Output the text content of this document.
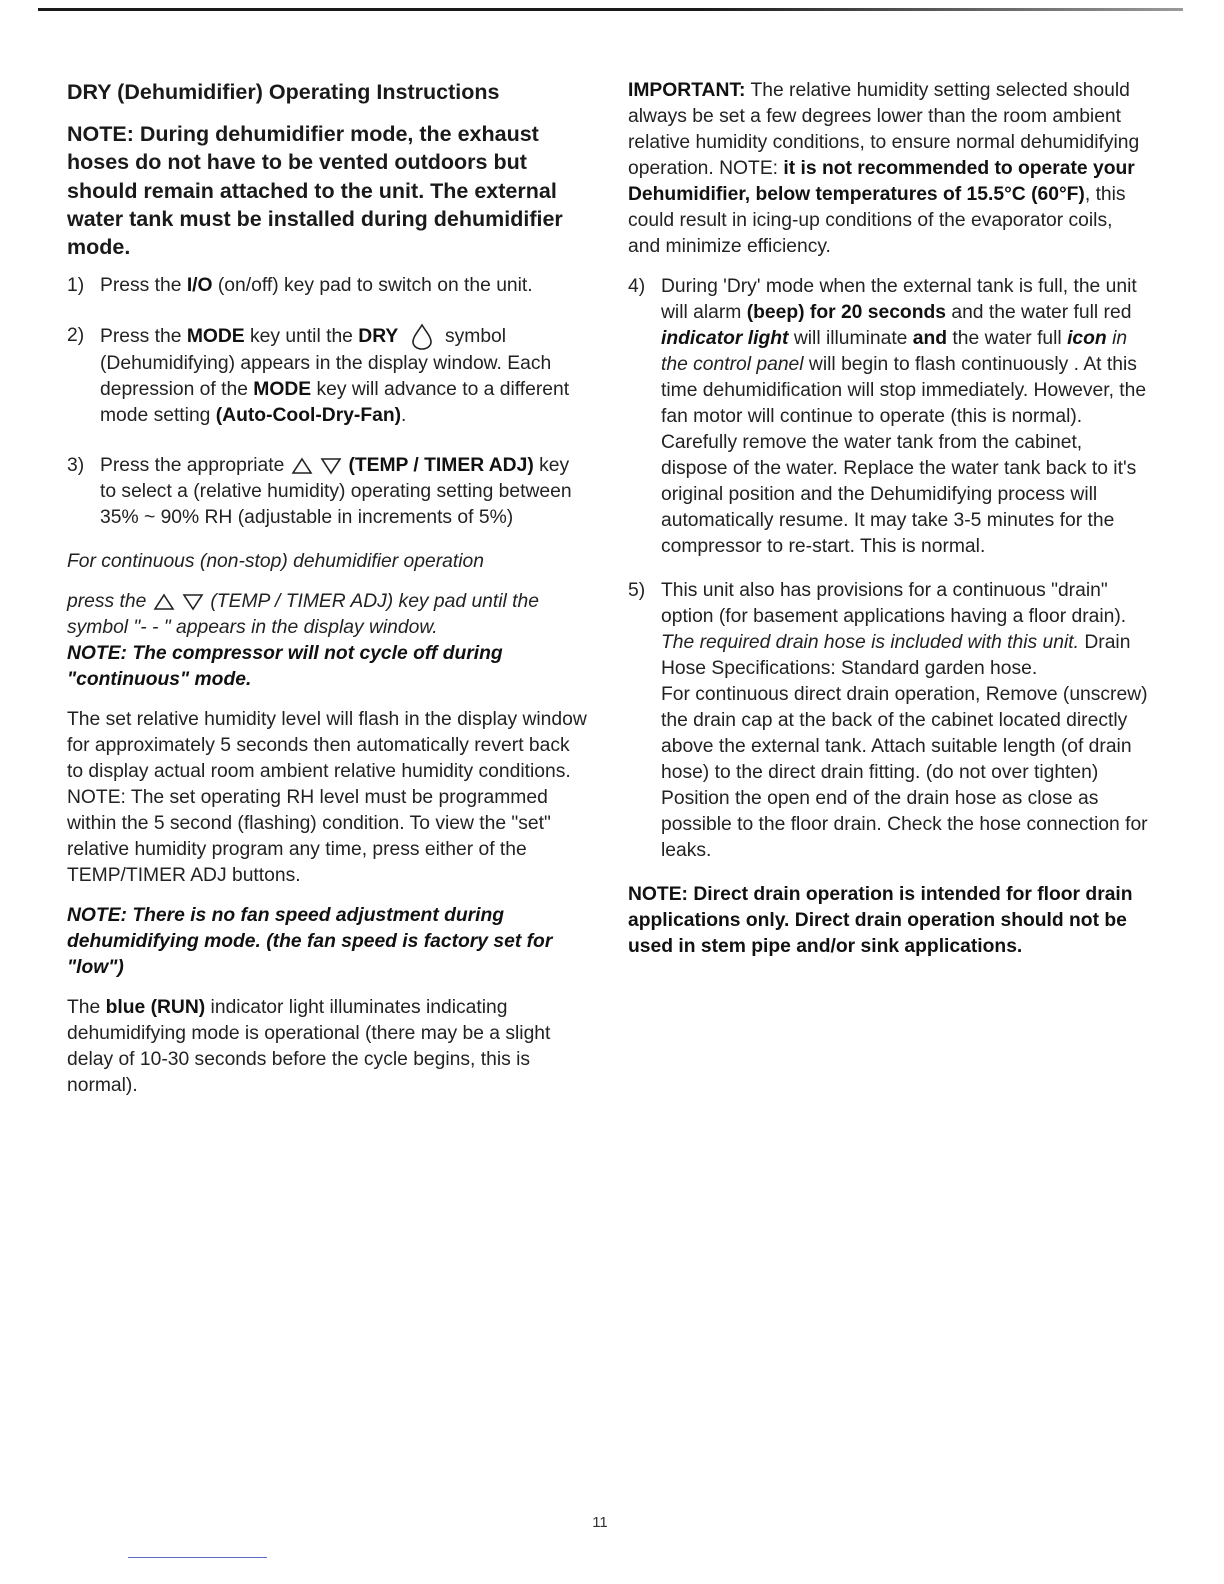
DRY (Dehumidifier) Operating Instructions
NOTE: During dehumidifier mode, the exhaust hoses do not have to be vented outdoors but should remain attached to the unit. The external water tank must be installed during dehumidifier mode.
1) Press the I/O (on/off) key pad to switch on the unit.
2) Press the MODE key until the DRY  symbol (Dehumidifying) appears in the display window. Each depression of the MODE key will advance to a different mode setting (Auto-Cool-Dry-Fan).
3) Press the appropriate	(TEMP / TIMER ADJ) key to select a (relative humidity) operating setting between 35% ~ 90% RH (adjustable in increments of 5%)

For continuous (non-stop) dehumidifier operation

press the	(TEMP / TIMER ADJ) key pad until the symbol "- - " appears in the display window.

NOTE: The compressor will not cycle off during "continuous" mode.

The set relative humidity level will flash in the display window for approximately 5 seconds then automatically revert back to display actual room ambient relative humidity conditions. NOTE: The set operating RH level must be programmed within the 5 second (flashing) condition. To view the "set" relative humidity program any time, press either of the TEMP/TIMER ADJ buttons.

NOTE: There is no fan speed adjustment during dehumidifying mode. (the fan speed is factory set for "low")

The blue (RUN) indicator light illuminates indicating dehumidifying mode is operational (there may be a slight delay of 10-30 seconds before the cycle begins, this is normal).

IMPORTANT: The relative humidity setting selected should always be set a few degrees lower than the room ambient relative humidity conditions, to ensure normal dehumidifying operation. NOTE: it is not recommended to operate your Dehumidifier, below temperatures of 15.5°C (60°F), this could result in icing-up conditions of the evaporator coils, and minimize efficiency.

4) During 'Dry' mode when the external tank is full, the unit will alarm (beep) for 20 seconds and the water full red indicator light will illuminate and the water full icon in the control panel will begin to flash continuously . At this time dehumidification will stop immediately. However, the fan motor will continue to operate (this is normal). Carefully remove the water tank from the cabinet, dispose of the water. Replace the water tank back to it's original position and the Dehumidifying process will automatically resume. It may take 3-5 minutes for the compressor to re-start. This is normal.
5) This unit also has provisions for a continuous "drain" option (for basement applications having a floor drain). The required drain hose is included with this unit. Drain Hose Specifications: Standard garden hose.
For continuous direct drain operation, Remove (unscrew) the drain cap at the back of the cabinet located directly above the external tank. Attach suitable length (of drain hose) to the direct drain fitting. (do not over tighten) Position the open end of the drain hose as close as possible to the floor drain. Check the hose connection for leaks.

NOTE: Direct drain operation is intended for floor drain applications only. Direct drain operation should not be used in stem pipe and/or sink applications.

11
